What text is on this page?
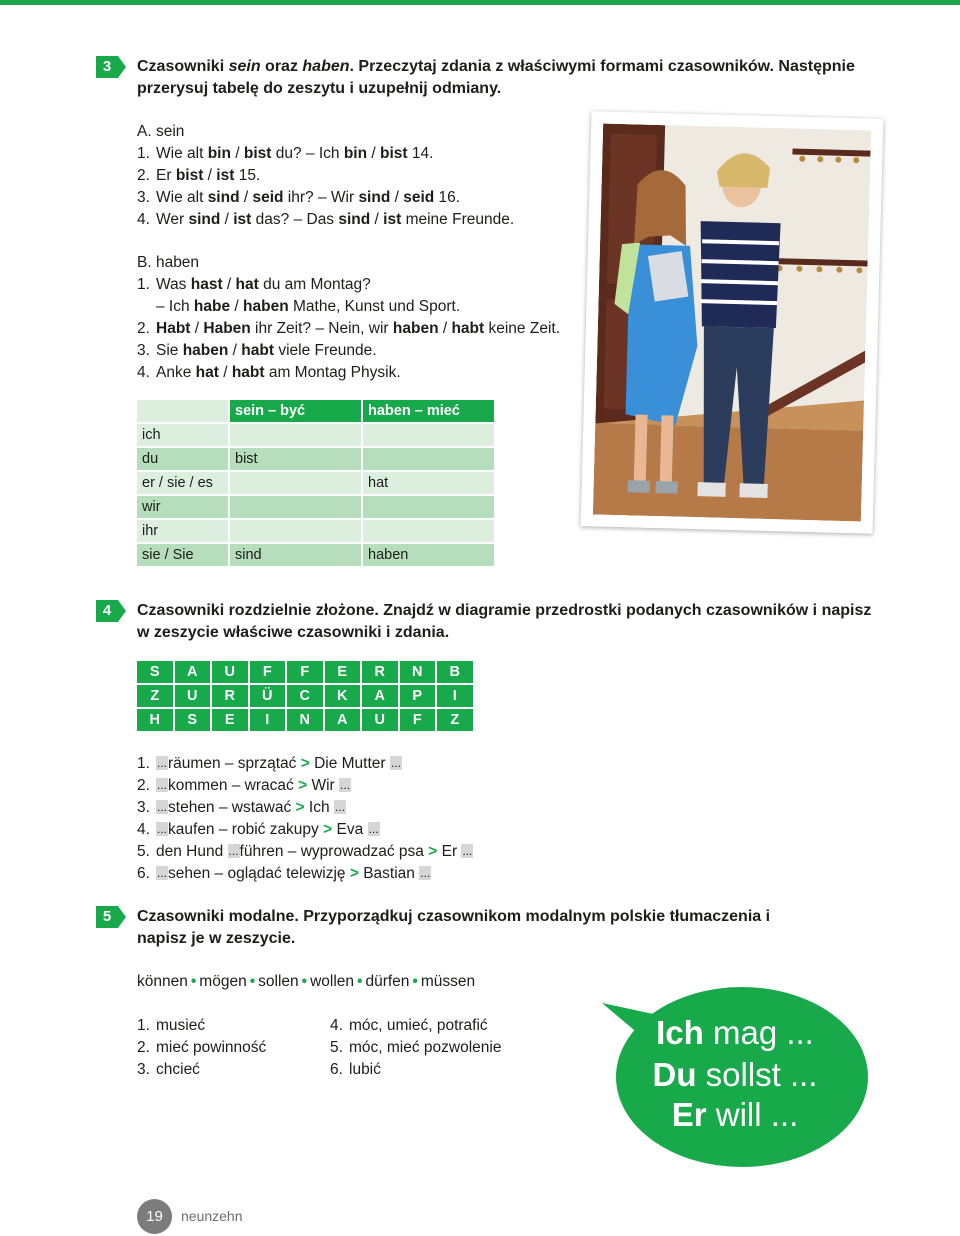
3	Czasowniki sein oraz haben. Przeczytaj zdania z właściwymi formami czasowników. Następnie przerysuj tabelę do zeszytu i uzupełnij odmiany.
A. sein
1. Wie alt bin / bist du? – Ich bin / bist 14.
2. Er bist / ist 15.
3. Wie alt sind / seid ihr? – Wir sind / seid 16.
4. Wer sind / ist das? – Das sind / ist meine Freunde.
B. haben
1. Was hast / hat du am Montag?
– Ich habe / haben Mathe, Kunst und Sport.
2. Habt / Haben ihr Zeit? – Nein, wir haben / habt keine Zeit.
3. Sie haben / habt viele Freunde.
4. Anke hat / habt am Montag Physik.
	sein – być	haben – mieć
ich		
du	bist	
er / sie / es		hat
wir		
ihr		
sie / Sie	sind	haben
4	Czasowniki rozdzielnie złożone. Znajdź w diagramie przedrostki podanych czasowników i napisz w zeszycie właściwe czasowniki i zdania.
S	A	U	F	F	E	R	N	B
Z	U	R	Ü	C	K	A	P	I
H	S	E	I	N	A	U	F	Z
1. ...räumen – sprzątać > Die Mutter ...
2. ...kommen – wracać > Wir ...
3. ...stehen – wstawać > Ich ...
4. ...kaufen – robić zakupy > Eva ...
5. den Hund ...führen – wyprowadzać psa > Er ...
6. ...sehen – oglądać telewizję > Bastian ...
5	Czasowniki modalne. Przyporządkuj czasownikom modalnym polskie tłumaczenia i napisz je w zeszycie.
können • mögen • sollen • wollen • dürfen • müssen
1. musieć
2. mieć powinność
3. chcieć
4. móc, umieć, potrafić
5. móc, mieć pozwolenie
6. lubić
Ich mag ...
Du sollst ...
Er will ...
19	neunzehn
